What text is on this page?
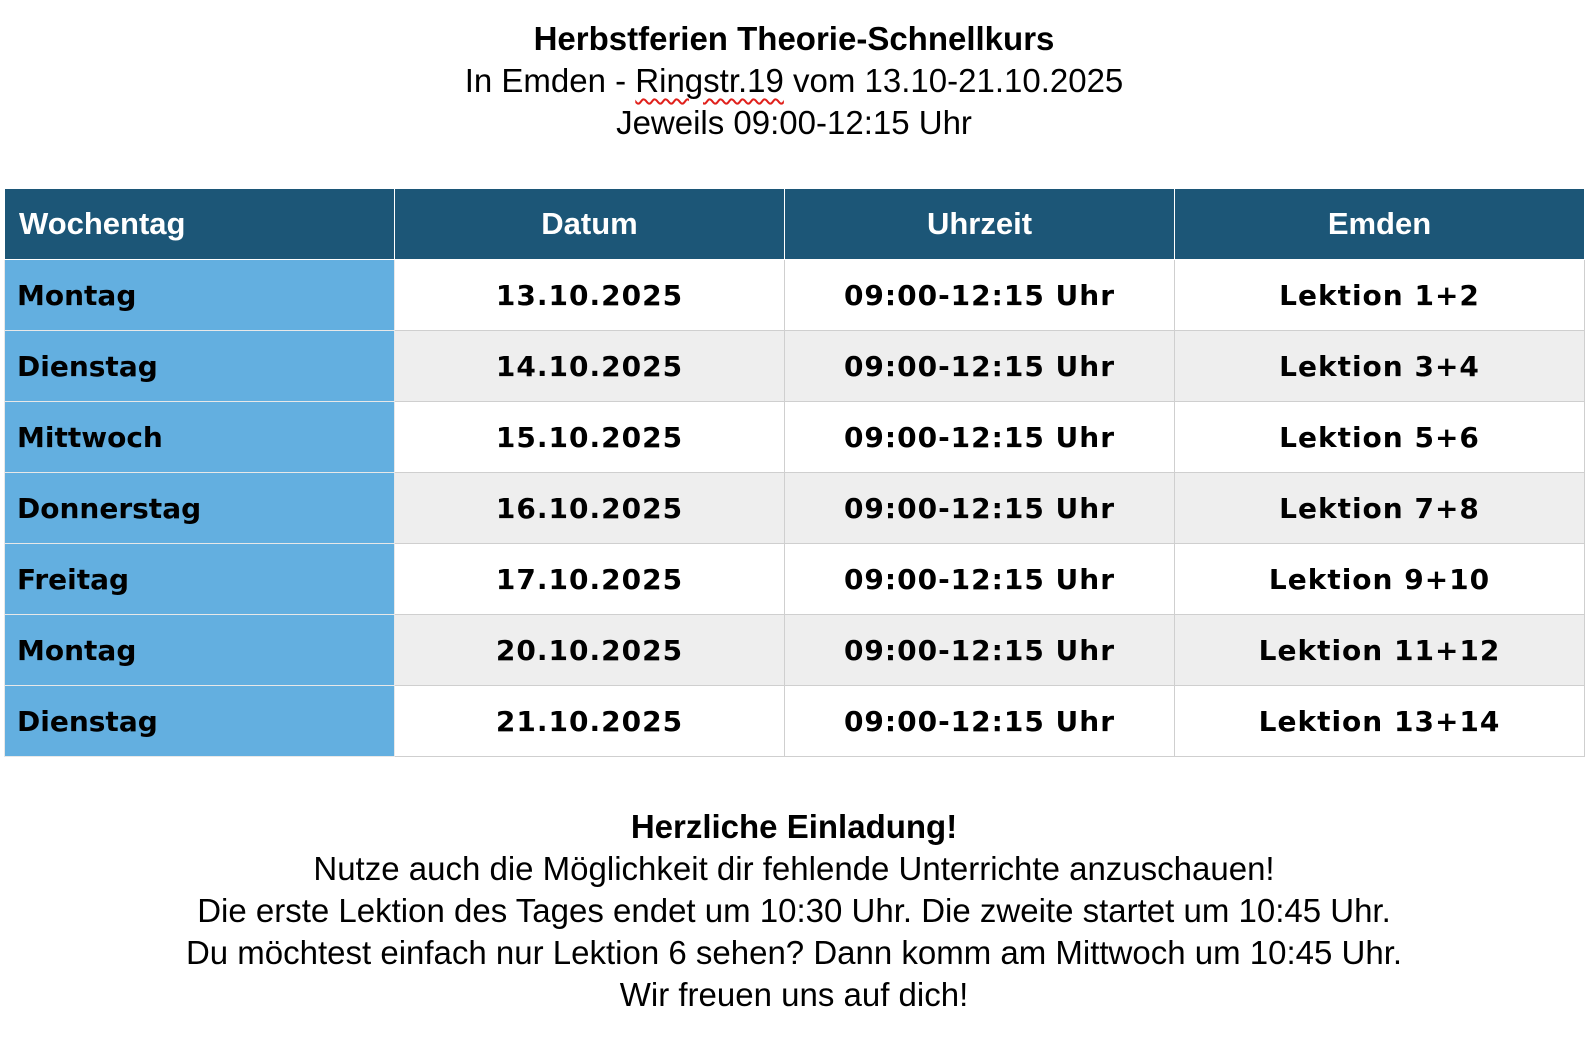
Herbstferien Theorie-Schnellkurs
In Emden - Ringstr.19 vom 13.10-21.10.2025
Jeweils 09:00-12:15 Uhr
Wochentag	Datum	Uhrzeit	Emden
Montag	13.10.2025	09:00-12:15 Uhr	Lektion 1+2
Dienstag	14.10.2025	09:00-12:15 Uhr	Lektion 3+4
Mittwoch	15.10.2025	09:00-12:15 Uhr	Lektion 5+6
Donnerstag	16.10.2025	09:00-12:15 Uhr	Lektion 7+8
Freitag	17.10.2025	09:00-12:15 Uhr	Lektion 9+10
Montag	20.10.2025	09:00-12:15 Uhr	Lektion 11+12
Dienstag	21.10.2025	09:00-12:15 Uhr	Lektion 13+14
Herzliche Einladung!
Nutze auch die Möglichkeit dir fehlende Unterrichte anzuschauen!
Die erste Lektion des Tages endet um 10:30 Uhr. Die zweite startet um 10:45 Uhr.
Du möchtest einfach nur Lektion 6 sehen? Dann komm am Mittwoch um 10:45 Uhr.
Wir freuen uns auf dich!
